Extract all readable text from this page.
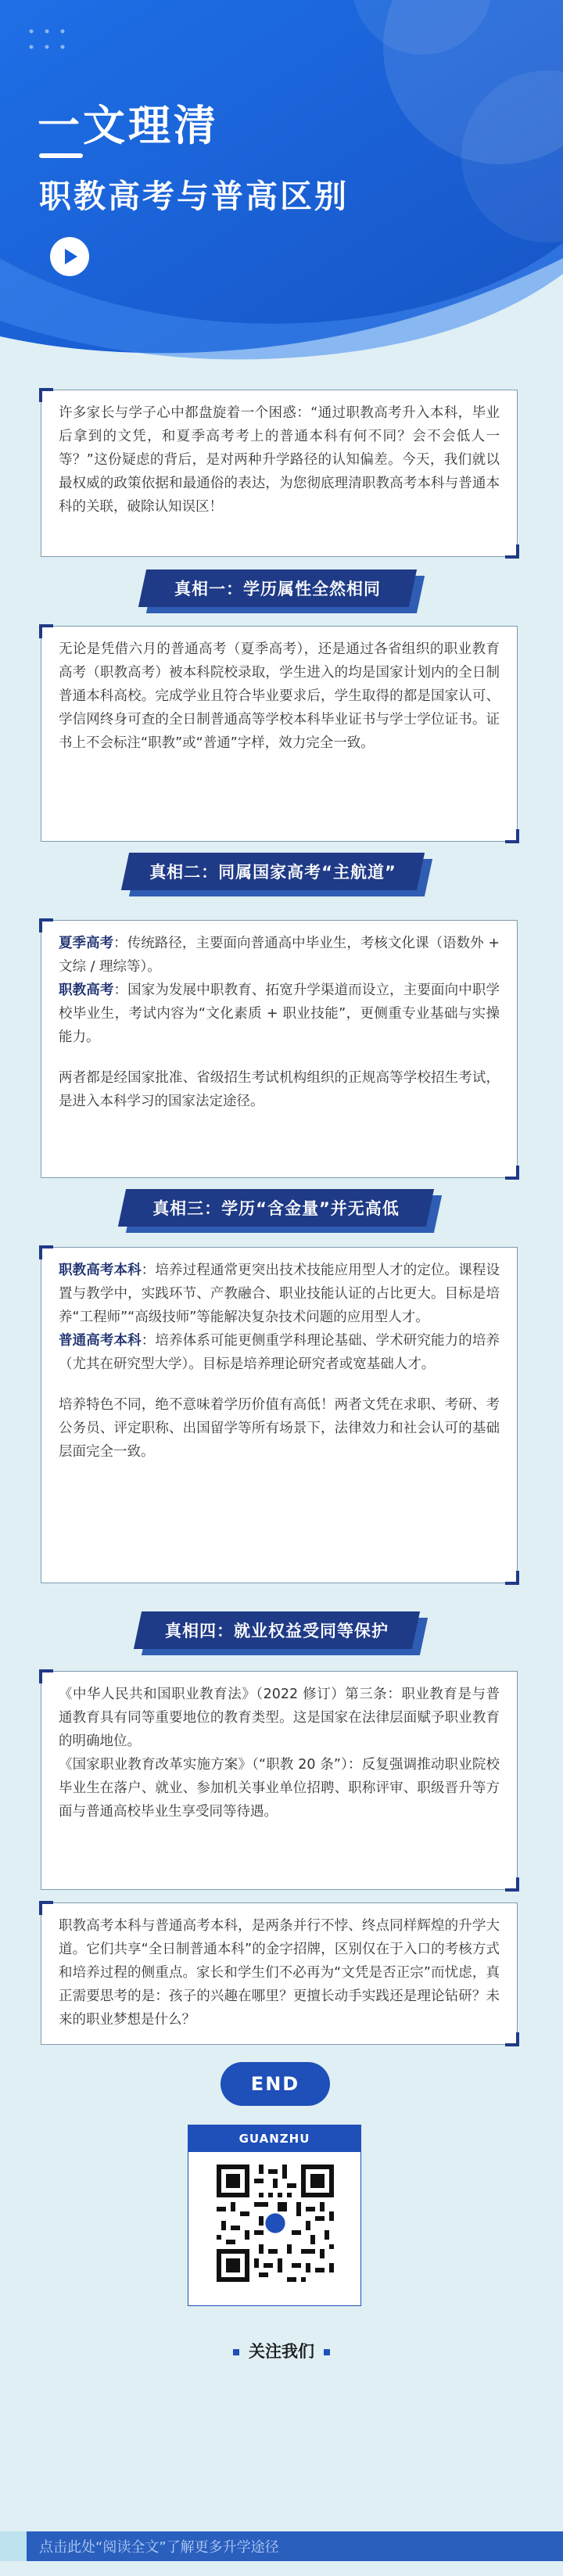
一文理清
职教高考与普高区别

许多家长与学子心中都盘旋着一个困惑：“通过职教高考升入本科，毕业后拿到的文凭，和夏季高考考上的普通本科有何不同？会不会低人一等？”这份疑虑的背后，是对两种升学路径的认知偏差。今天，我们就以最权威的政策依据和最通俗的表达，为您彻底理清职教高考本科与普通本科的关联，破除认知误区！

真相一：学历属性全然相同

无论是凭借六月的普通高考（夏季高考），还是通过各省组织的职业教育高考（职教高考）被本科院校录取，学生进入的均是国家计划内的全日制普通本科高校。完成学业且符合毕业要求后，学生取得的都是国家认可、学信网终身可查的全日制普通高等学校本科毕业证书与学士学位证书。证书上不会标注“职教”或“普通”字样，效力完全一致。

真相二：同属国家高考“主航道”

夏季高考：传统路径，主要面向普通高中毕业生，考核文化课（语数外 + 文综 / 理综等）。

职教高考：国家为发展中职教育、拓宽升学渠道而设立，主要面向中职学校毕业生，考试内容为“文化素质 + 职业技能”，更侧重专业基础与实操能力。

两者都是经国家批准、省级招生考试机构组织的正规高等学校招生考试，是进入本科学习的国家法定途径。

真相三：学历“含金量”并无高低

职教高考本科：培养过程通常更突出技术技能应用型人才的定位。课程设置与教学中，实践环节、产教融合、职业技能认证的占比更大。目标是培养“工程师”“高级技师”等能解决复杂技术问题的应用型人才。

普通高考本科：培养体系可能更侧重学科理论基础、学术研究能力的培养（尤其在研究型大学）。目标是培养理论研究者或宽基础人才。

培养特色不同，绝不意味着学历价值有高低！两者文凭在求职、考研、考公务员、评定职称、出国留学等所有场景下，法律效力和社会认可的基础层面完全一致。

真相四：就业权益受同等保护

《中华人民共和国职业教育法》（2022 修订）第三条：职业教育是与普通教育具有同等重要地位的教育类型。这是国家在法律层面赋予职业教育的明确地位。

《国家职业教育改革实施方案》（“职教 20 条”）：反复强调推动职业院校毕业生在落户、就业、参加机关事业单位招聘、职称评审、职级晋升等方面与普通高校毕业生享受同等待遇。

职教高考本科与普通高考本科，是两条并行不悖、终点同样辉煌的升学大道。它们共享“全日制普通本科”的金字招牌，区别仅在于入口的考核方式和培养过程的侧重点。家长和学生们不必再为“文凭是否正宗”而忧虑，真正需要思考的是：孩子的兴趣在哪里？更擅长动手实践还是理论钻研？未来的职业梦想是什么？

END
GUANZHU
关注我们
点击此处“阅读全文”了解更多升学途径
